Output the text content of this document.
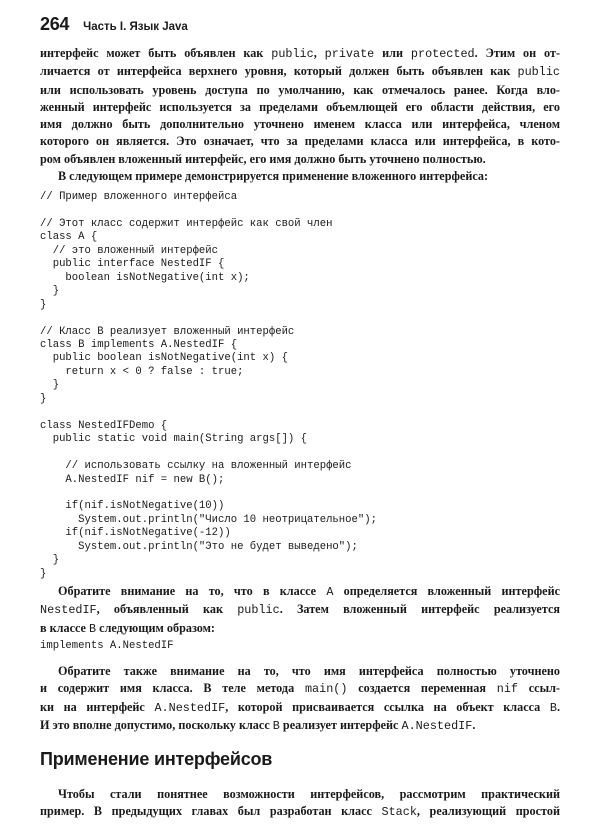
264 Часть I. Язык Java
интерфейс может быть объявлен как public, private или protected. Этим он от-
личается от интерфейса верхнего уровня, который должен быть объявлен как public
или использовать уровень доступа по умолчанию, как отмечалось ранее. Когда вло-
женный интерфейс используется за пределами объемлющей его области действия, его
имя должно быть дополнительно уточнено именем класса или интерфейса, членом
которого он является. Это означает, что за пределами класса или интерфейса, в кото-
ром объявлен вложенный интерфейс, его имя должно быть уточнено полностью.
В следующем примере демонстрируется применение вложенного интерфейса:
// Пример вложенного интерфейса

// Этот класс содержит интерфейс как свой член
class A {
// это вложенный интерфейс
public interface NestedIF {
boolean isNotNegative(int x);
}
}

// Класс B реализует вложенный интерфейс
class B implements A.NestedIF {
public boolean isNotNegative(int x) {
return x < 0 ? false : true;
}
}

class NestedIFDemo {
public static void main(String args[]) {

// использовать ссылку на вложенный интерфейс
A.NestedIF nif = new B();

if(nif.isNotNegative(10))
System.out.println("Число 10 неотрицательное");
if(nif.isNotNegative(-12))
System.out.println("Это не будет выведено");
}
}
Обратите внимание на то, что в классе A определяется вложенный интерфейс
NestedIF, объявленный как public. Затем вложенный интерфейс реализуется
в классе B следующим образом:
implements A.NestedIF
Обратите также внимание на то, что имя интерфейса полностью уточнено
и содержит имя класса. В теле метода main() создается переменная nif ссыл-
ки на интерфейс A.NestedIF, которой присваивается ссылка на объект класса B.
И это вполне допустимо, поскольку класс B реализует интерфейс A.NestedIF.
Применение интерфейсов
Чтобы стали понятнее возможности интерфейсов, рассмотрим практический
пример. В предыдущих главах был разработан класс Stack, реализующий простой
